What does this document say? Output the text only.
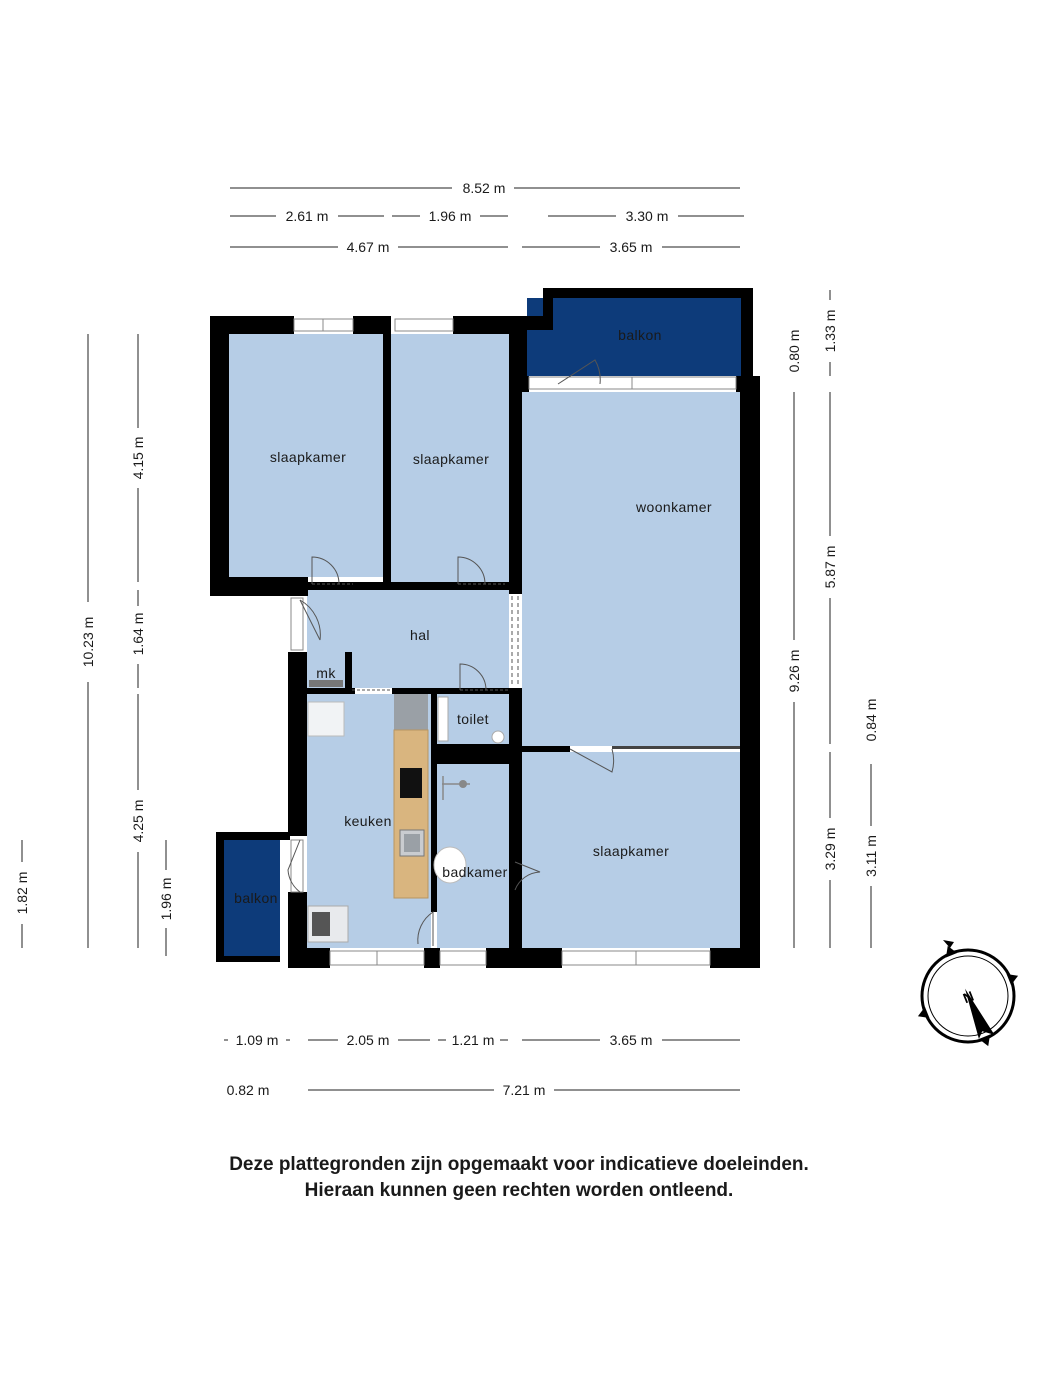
slaapkamer	slaapkamer
woonkamer
balkon
hal
mk
toilet
keuken
badkamer
slaapkamer
balkon
8.52 m
2.61 m	1.96 m	3.30 m
4.67 m	3.65 m
10.23 m
4.15 m
1.64 m
4.25 m
1.96 m
1.82 m
0.80 m
9.26 m
1.33 m
5.87 m
3.29 m
0.84 m
3.11 m
1.09 m	2.05 m	1.21 m	3.65 m
0.82 m	7.21 m
N
Deze plattegronden zijn opgemaakt voor indicatieve doeleinden.
Hieraan kunnen geen rechten worden ontleend.
